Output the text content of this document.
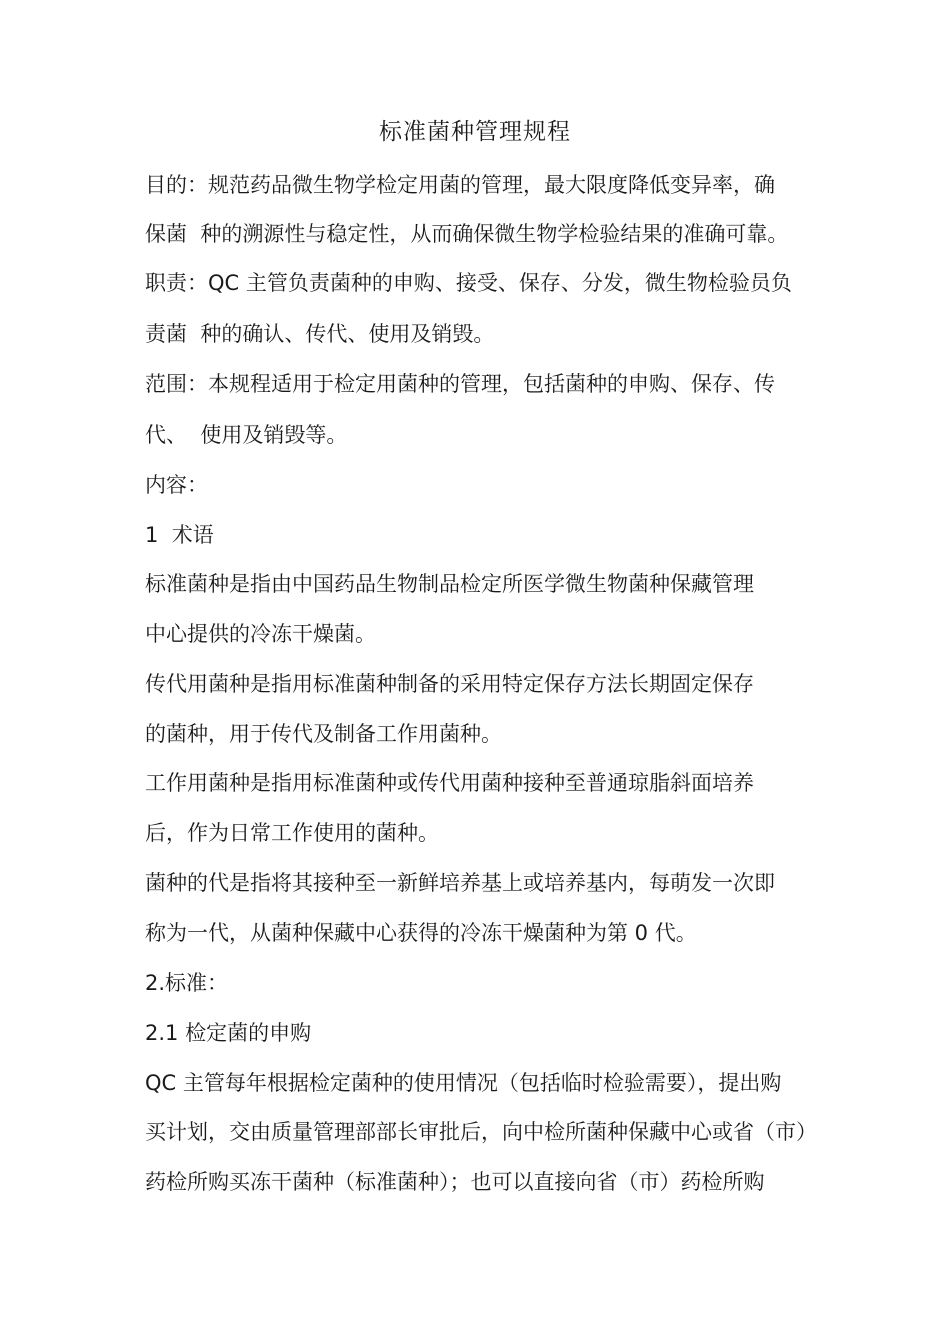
标准菌种管理规程
目的：规范药品微生物学检定用菌的管理，最大限度降低变异率，确
保菌  种的溯源性与稳定性，从而确保微生物学检验结果的准确可靠。
职责：QC 主管负责菌种的申购、接受、保存、分发，微生物检验员负
责菌  种的确认、传代、使用及销毁。
范围：本规程适用于检定用菌种的管理，包括菌种的申购、保存、传
代、  使用及销毁等。
内容：
1  术语
标准菌种是指由中国药品生物制品检定所医学微生物菌种保藏管理
中心提供的冷冻干燥菌。
传代用菌种是指用标准菌种制备的采用特定保存方法长期固定保存
的菌种，用于传代及制备工作用菌种。
工作用菌种是指用标准菌种或传代用菌种接种至普通琼脂斜面培养
后，作为日常工作使用的菌种。
菌种的代是指将其接种至一新鲜培养基上或培养基内，每萌发一次即
称为一代，从菌种保藏中心获得的冷冻干燥菌种为第 0 代。
2.标准：
2.1 检定菌的申购
QC 主管每年根据检定菌种的使用情况（包括临时检验需要），提出购
买计划，交由质量管理部部长审批后，向中检所菌种保藏中心或省（市）
药检所购买冻干菌种（标准菌种）；也可以直接向省（市）药检所购
